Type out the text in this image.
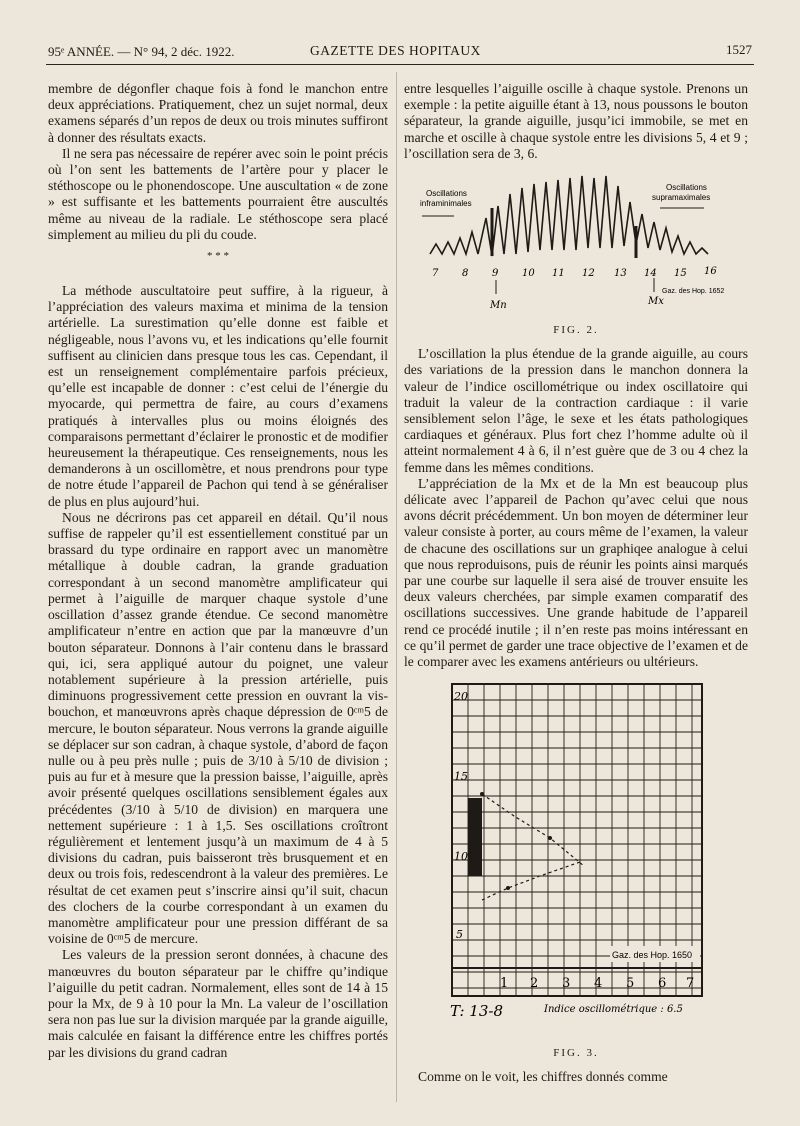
95ᵉ ANNÉE. — N° 94, 2 déc. 1922.	GAZETTE DES HOPITAUX	1527

membre de dégonfler chaque fois à fond le manchon entre deux appréciations. Pratiquement, chez un sujet normal, deux examens séparés d’un repos de deux ou trois minutes suffiront à donner des résultats exacts.

Il ne sera pas nécessaire de repérer avec soin le point précis où l’on sent les battements de l’artère pour y placer le stéthoscope ou le phonendoscope. Une auscultation « de zone » est suffisante et les battements pourraient être auscultés même au niveau de la radiale. Le stéthoscope sera placé simplement au milieu du pli du coude.

* * *

La méthode auscultatoire peut suffire, à la rigueur, à l’appréciation des valeurs maxima et minima de la tension artérielle. La surestimation qu’elle donne est faible et négligeable, nous l’avons vu, et les indications qu’elle fournit suffisent au clinicien dans presque tous les cas. Cependant, il est un renseignement complémentaire parfois précieux, qu’elle est incapable de donner : c’est celui de l’énergie du myocarde, qui permettra de faire, au cours d’examens pratiqués à intervalles plus ou moins éloignés des comparaisons permettant d’éclairer le pronostic et de modifier heureusement la thérapeutique. Ces renseignements, nous les demanderons à un oscillomètre, et nous prendrons pour type de notre étude l’appareil de Pachon qui tend à se généraliser de plus en plus aujourd’hui.

Nous ne décrirons pas cet appareil en détail. Qu’il nous suffise de rappeler qu’il est essentiellement constitué par un brassard du type ordinaire en rapport avec un manomètre métallique à double cadran, la grande graduation correspondant à un second manomètre amplificateur qui permet à l’aiguille de marquer chaque systole d’une oscillation d’assez grande étendue. Ce second manomètre amplificateur n’entre en action que par la manœuvre d’un bouton séparateur. Donnons à l’air contenu dans le brassard qui, ici, sera appliqué autour du poignet, une valeur notablement supérieure à la pression artérielle, puis diminuons progressivement cette pression en ouvrant la vis-bouchon, et manœuvrons après chaque dépression de 0ᶜᵐ5 de mercure, le bouton séparateur. Nous verrons la grande aiguille se déplacer sur son cadran, à chaque systole, d’abord de façon nulle ou à peu près nulle ; puis de 3/10 à 5/10 de division ; puis au fur et à mesure que la pression baisse, l’aiguille, après avoir présenté quelques oscillations sensiblement égales aux précédentes (3/10 à 5/10 de division) en marquera une nettement supérieure : 1 à 1,5. Ses oscillations croîtront régulièrement et lentement jusqu’à un maximum de 4 à 5 divisions du cadran, puis baisseront très brusquement et en deux ou trois fois, redescendront à la valeur des premières. Le résultat de cet examen peut s’inscrire ainsi qu’il suit, chacun des clochers de la courbe correspondant à un examen du manomètre amplificateur pour une pression différant de sa voisine de 0ᶜᵐ5 de mercure.

Les valeurs de la pression seront données, à chacune des manœuvres du bouton séparateur par le chiffre qu’indique l’aiguille du petit cadran. Normalement, elles sont de 14 à 15 pour la Mx, de 9 à 10 pour la Mn. La valeur de l’oscillation sera non pas lue sur la division marquée par la grande aiguille, mais calculée en faisant la différence entre les chiffres portés par les divisions du grand cadran

entre lesquelles l’aiguille oscille à chaque systole. Prenons un exemple : la petite aiguille étant à 13, nous poussons le bouton séparateur, la grande aiguille, jusqu’ici immobile, se met en marche et oscille à chaque systole entre les divisions 5, 4 et 9 ; l’oscillation sera de 3, 6.

Oscillations
inframinimales
Oscillations
supramaximales
7 8 9 10 11 12 13 14 15 16
Mn	Mx
Gaz. des Hop. 1652
FIG. 2.

L’oscillation la plus étendue de la grande aiguille, au cours des variations de la pression dans le manchon donnera la valeur de l’indice oscillométrique ou index oscillatoire qui traduit la valeur de la contraction cardiaque : il varie sensiblement selon l’âge, le sexe et les états pathologiques cardiaques et généraux. Plus fort chez l’homme adulte où il atteint normalement 4 à 6, il n’est guère que de 3 ou 4 chez la femme dans les mêmes conditions.

L’appréciation de la Mx et de la Mn est beaucoup plus délicate avec l’appareil de Pachon qu’avec celui que nous avons décrit précédemment. Un bon moyen de déterminer leur valeur consiste à porter, au cours même de l’examen, la valeur de chacune des oscillations sur un graphiqee analogue à celui que nous reproduisons, puis de réunir les points ainsi marqués par une courbe sur laquelle il sera aisé de trouver ensuite les deux valeurs cherchées, par simple examen comparatif des oscillations successives. Une grande habitude de l’appareil rend ce procédé inutile ; il n’en reste pas moins intéressant en ce qu’il permet de garder une trace objective de l’examen et de le comparer avec les examens antérieurs ou ultérieurs.

20
15
10
5
1 2 3 4 5 6 7
Gaz. des Hop. 1650
T: 13-8	Indice oscillométrique : 6.5
FIG. 3.

Comme on le voit, les chiffres donnés comme
